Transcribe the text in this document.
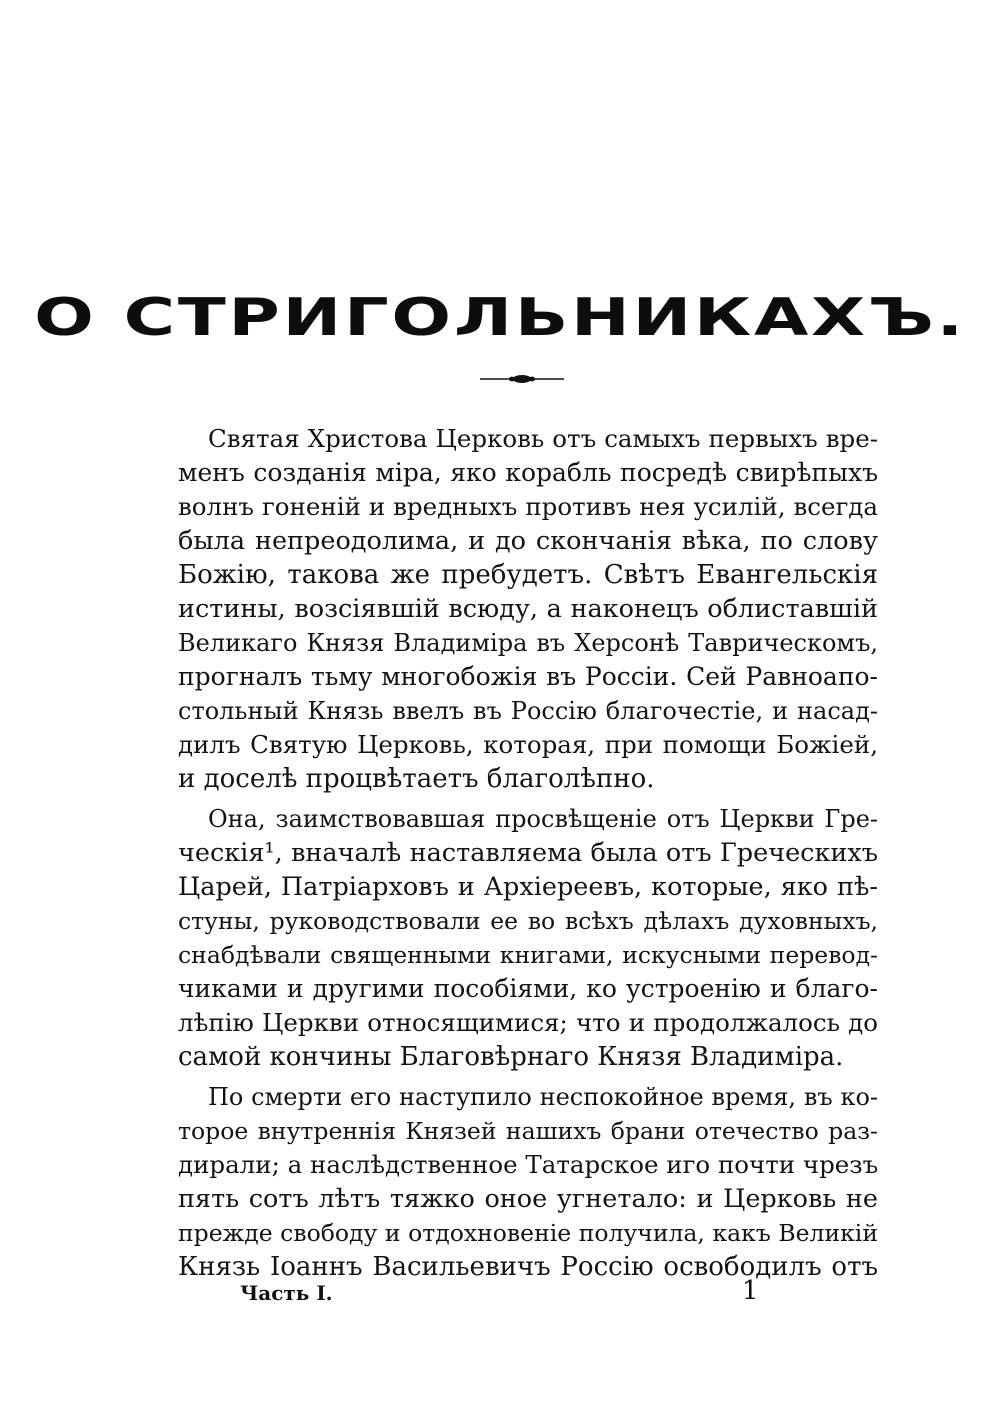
О СТРИГОЛЬНИКАХЪ.
Святая Христова Церковь отъ самыхъ первыхъ вре-
менъ созданія міра, яко корабль посредѣ свирѣпыхъ
волнъ гоненій и вредныхъ противъ нея усилій, всегда
была непреодолима, и до скончанія вѣка, по слову
Божію, такова же пребудетъ. Свѣтъ Евангельскія
истины, возсіявшій всюду, а наконецъ облиставшій
Великаго Князя Владиміра въ Херсонѣ Таврическомъ,
прогналъ тьму многобожія въ Россіи. Сей Равноапо-
стольный Князь ввелъ въ Россію благочестіе, и насад-
дилъ Святую Церковь, которая, при помощи Божіей,
и доселѣ процвѣтаетъ благолѣпно.
Она, заимствовавшая просвѣщеніе отъ Церкви Гре-
ческія¹, вначалѣ наставляема была отъ Греческихъ
Царей, Патріарховъ и Архіереевъ, которые, яко пѣ-
стуны, руководствовали ее во всѣхъ дѣлахъ духовныхъ,
снабдѣвали священными книгами, искусными перевод-
чиками и другими пособіями, ко устроенію и благо-
лѣпію Церкви относящимися; что и продолжалось до
самой кончины Благовѣрнаго Князя Владиміра.
По смерти его наступило неспокойное время, въ ко-
торое внутреннія Князей нашихъ брани отечество раз-
дирали; а наслѣдственное Татарское иго почти чрезъ
пять сотъ лѣтъ тяжко оное угнетало: и Церковь не
прежде свободу и отдохновеніе получила, какъ Великій
Князь Іоаннъ Васильевичъ Россію освободилъ отъ
Часть I.	1
